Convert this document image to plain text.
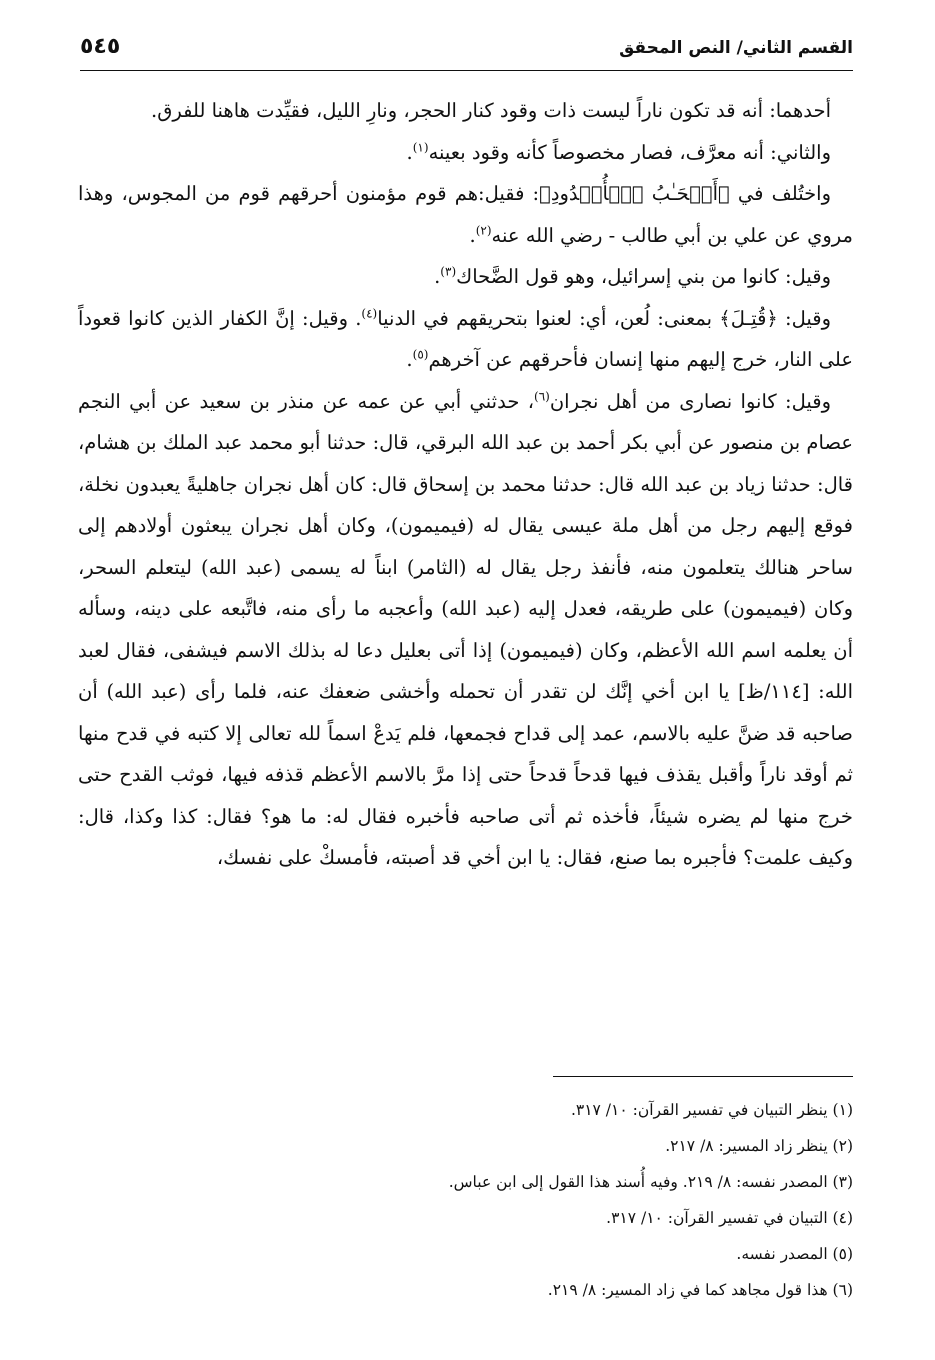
القسم الثاني/ النص المحقق
٥٤٥

أحدهما: أنه قد تكون ناراً ليست ذات وقود كنار الحجر، ونارِ الليل، فقيِّدت هاهنا للفرق.

والثاني: أنه معرَّف، فصار مخصوصاً كأنه وقود بعينه$^{(١)}$.

واختُلف في ﴿أَصۡحَـٰبُ ٱلۡأُخۡدُودِ﴾: فقيل:هم قوم مؤمنون أحرقهم قوم من المجوس، وهذا مروي عن علي بن أبي طالب - رضي الله عنه$^{(٢)}$.

وقيل: كانوا من بني إسرائيل، وهو قول الضَّحاك$^{(٣)}$.

وقيل: ﴿قُتِـلَ﴾ بمعنى: لُعن، أي: لعنوا بتحريقهم في الدنيا$^{(٤)}$. وقيل: إنَّ الكفار الذين كانوا قعوداً على النار، خرج إليهم منها إنسان فأحرقهم عن آخرهم$^{(٥)}$.

وقيل: كانوا نصارى من أهل نجران$^{(٦)}$، حدثني أبي عن عمه عن منذر بن سعيد عن أبي النجم عصام بن منصور عن أبي بكر أحمد بن عبد الله البرقي، قال: حدثنا أبو محمد عبد الملك بن هشام، قال: حدثنا زياد بن عبد الله قال: حدثنا محمد بن إسحاق قال: كان أهل نجران جاهليةً يعبدون نخلة، فوقع إليهم رجل من أهل ملة عيسى يقال له (فيميمون)، وكان أهل نجران يبعثون أولادهم إلى ساحر هنالك يتعلمون منه، فأنفذ رجل يقال له (الثامر) ابناً له يسمى (عبد الله) ليتعلم السحر، وكان (فيميمون) على طريقه، فعدل إليه (عبد الله) وأعجبه ما رأى منه، فاتَّبعه على دينه، وسأله أن يعلمه اسم الله الأعظم، وكان (فيميمون) إذا أتى بعليل دعا له بذلك الاسم فيشفى، فقال لعبد الله: [١١٤/ظ] يا ابن أخي إنَّك لن تقدر أن تحمله وأخشى ضعفك عنه، فلما رأى (عبد الله) أن صاحبه قد ضنَّ عليه بالاسم، عمد إلى قداح فجمعها، فلم يَدعْ اسماً لله تعالى إلا كتبه في قدح منها ثم أوقد ناراً وأقبل يقذف فيها قدحاً قدحاً حتى إذا مرَّ بالاسم الأعظم قذفه فيها، فوثب القدح حتى خرج منها لم يضره شيئاً، فأخذه ثم أتى صاحبه فأخبره فقال له: ما هو؟ فقال: كذا وكذا، قال: وكيف علمت؟ فأجبره بما صنع، فقال: يا ابن أخي قد أصبته، فأمسكْ على نفسك،

(١) ينظر التبيان في تفسير القرآن: ١٠/ ٣١٧.
(٢) ينظر زاد المسير: ٨/ ٢١٧.
(٣) المصدر نفسه: ٨/ ٢١٩. وفيه أُسند هذا القول إلى ابن عباس.
(٤) التبيان في تفسير القرآن: ١٠/ ٣١٧.
(٥) المصدر نفسه.
(٦) هذا قول مجاهد كما في زاد المسير: ٨/ ٢١٩.
